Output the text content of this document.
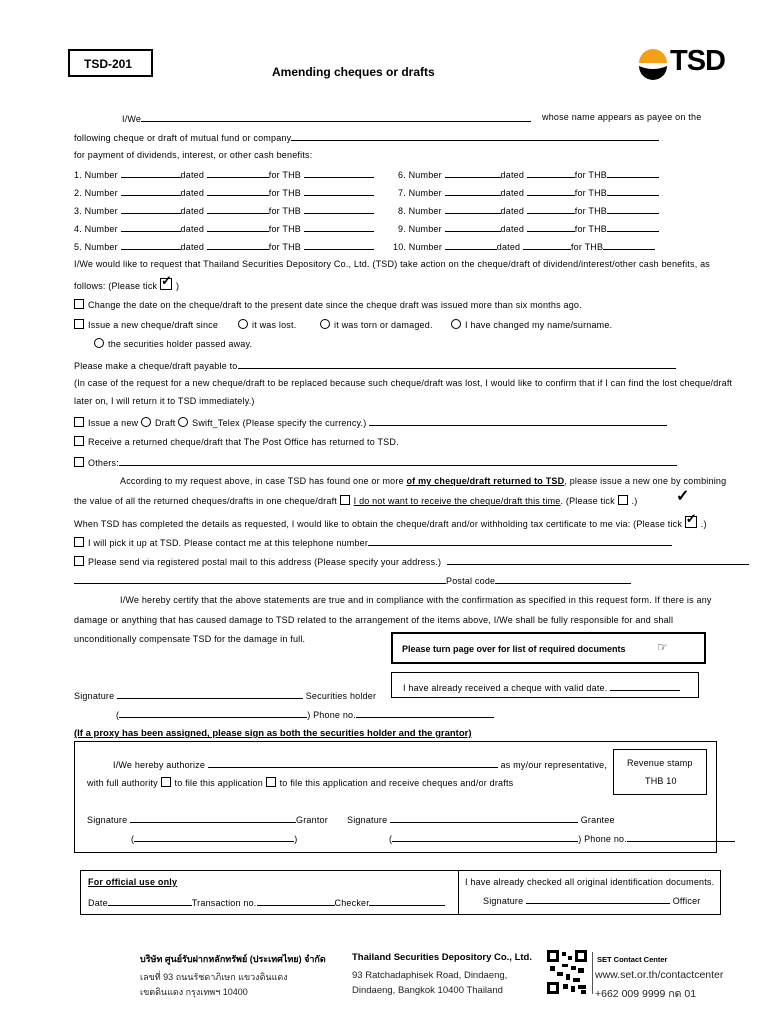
TSD-201
Amending cheques or drafts	TSD
I/We	whose name appears as payee on the
following cheque or draft of mutual fund or company
for payment of dividends, interest, or other cash benefits:
1. Number	dated	for THB	6. Number	dated	for THB
2. Number	dated	for THB	7. Number	dated	for THB
3. Number	dated	for THB	8. Number	dated	for THB
4. Number	dated	for THB	9. Number	dated	for THB
5. Number	dated	for THB	10. Number	dated	for THB
I/We would like to request that Thailand Securities Depository Co., Ltd. (TSD) take action on the cheque/draft of dividend/interest/other cash benefits, as
follows: (Please tick ✓ )
Change the date on the cheque/draft to the present date since the cheque draft was issued more than six months ago.
Issue a new cheque/draft since	it was lost.	it was torn or damaged.	I have changed my name/surname.
the securities holder passed away.
Please make a cheque/draft payable to
(In case of the request for a new cheque/draft to be replaced because such cheque/draft was lost, I would like to confirm that if I can find the lost cheque/draft
later on, I will return it to TSD immediately.)
Issue a new Draft Swift_Telex (Please specify the currency.)
Receive a returned cheque/draft that The Post Office has returned to TSD.
Others:
According to my request above, in case TSD has found one or more of my cheque/draft returned to TSD, please issue a new one by combining
the value of all the returned cheques/drafts in one cheque/draft I do not want to receive the cheque/draft this time. (Please tick .) ✓
When TSD has completed the details as requested, I would like to obtain the cheque/draft and/or withholding tax certificate to me via: (Please tick ✓ .)
I will pick it up at TSD. Please contact me at this telephone number
Please send via registered postal mail to this address (Please specify your address.)
Postal code
I/We hereby certify that the above statements are true and in compliance with the confirmation as specified in this request form. If there is any
damage or anything that has caused damage to TSD related to the arrangement of the items above, I/We shall be fully responsible for and shall
unconditionally compensate TSD for the damage in full.
Please turn page over for list of required documents	☞
I have already received a cheque with valid date.
Signature	Securities holder
(	) Phone no.
(If a proxy has been assigned, please sign as both the securities holder and the grantor)
I/We hereby authorize	as my/our representative,
with full authority to file this application to file this application and receive cheques and/or drafts
Revenue stamp
THB 10
Signature	Grantor
(	)
Signature	Grantee
(	) Phone no.
For official use only
Date	Transaction no.	Checker
I have already checked all original identification documents.
Signature	Officer
บริษัท ศูนย์รับฝากหลักทรัพย์ (ประเทศไทย) จำกัด
เลขที่ 93 ถนนรัชดาภิเษก แขวงดินแดง
เขตดินแดง กรุงเทพฯ 10400
Thailand Securities Depository Co., Ltd.
93 Ratchadaphisek Road, Dindaeng,
Dindaeng, Bangkok 10400 Thailand
SET Contact Center
www.set.or.th/contactcenter
+662 009 9999 กด 01
